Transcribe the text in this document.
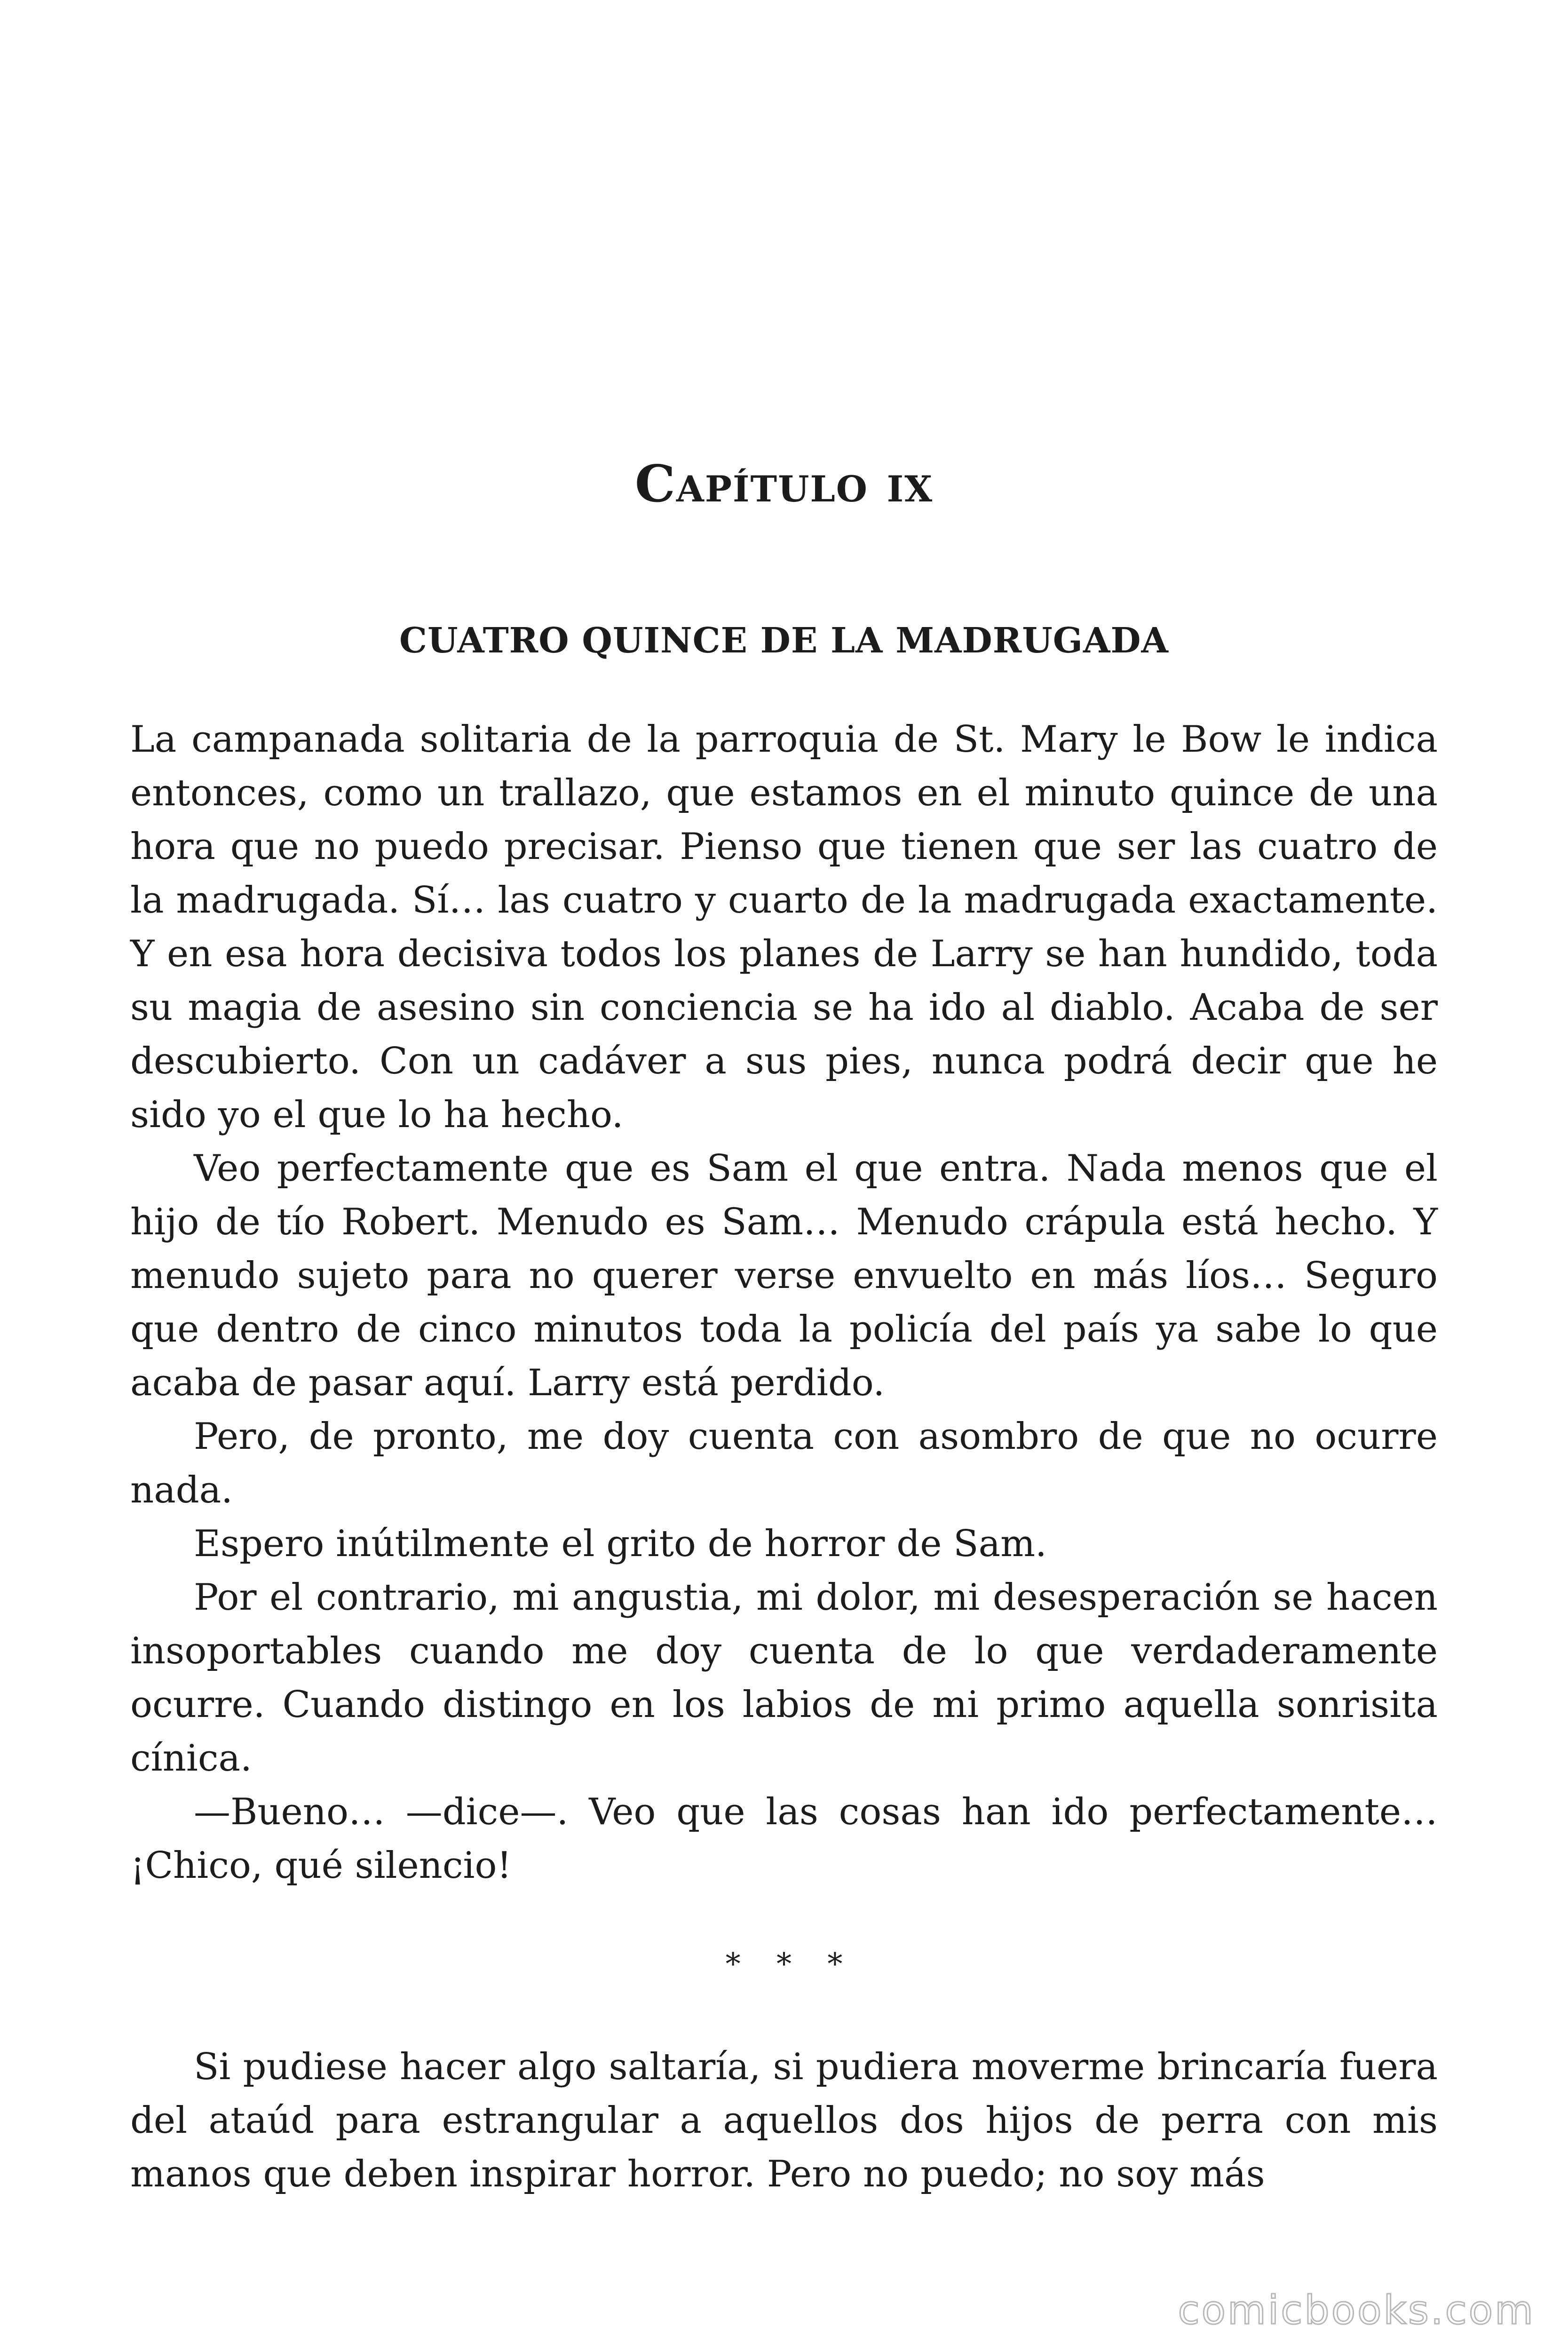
Capítulo ix
CUATRO QUINCE DE LA MADRUGADA

La campanada solitaria de la parroquia de St. Mary le Bow le indica entonces, como un trallazo, que estamos en el minuto quince de una hora que no puedo precisar. Pienso que tienen que ser las cuatro de la madrugada. Sí… las cuatro y cuarto de la madrugada exactamente. Y en esa hora decisiva todos los planes de Larry se han hundido, toda su magia de asesino sin conciencia se ha ido al diablo. Acaba de ser descubierto. Con un cadáver a sus pies, nunca podrá decir que he sido yo el que lo ha hecho.

Veo perfectamente que es Sam el que entra. Nada menos que el hijo de tío Robert. Menudo es Sam… Menudo crápula está hecho. Y menudo sujeto para no querer verse envuelto en más líos… Seguro que dentro de cinco minutos toda la policía del país ya sabe lo que acaba de pasar aquí. Larry está perdido.

Pero, de pronto, me doy cuenta con asombro de que no ocurre nada.

Espero inútilmente el grito de horror de Sam.

Por el contrario, mi angustia, mi dolor, mi desesperación se hacen insoportables cuando me doy cuenta de lo que verdaderamente ocurre. Cuando distingo en los labios de mi primo aquella sonrisita cínica.

—Bueno… —dice—. Veo que las cosas han ido perfectamente… ¡Chico, qué silencio!

* * *

Si pudiese hacer algo saltaría, si pudiera moverme brincaría fuera del ataúd para estrangular a aquellos dos hijos de perra con mis manos que deben inspirar horror. Pero no puedo; no soy más

comicbooks.com
